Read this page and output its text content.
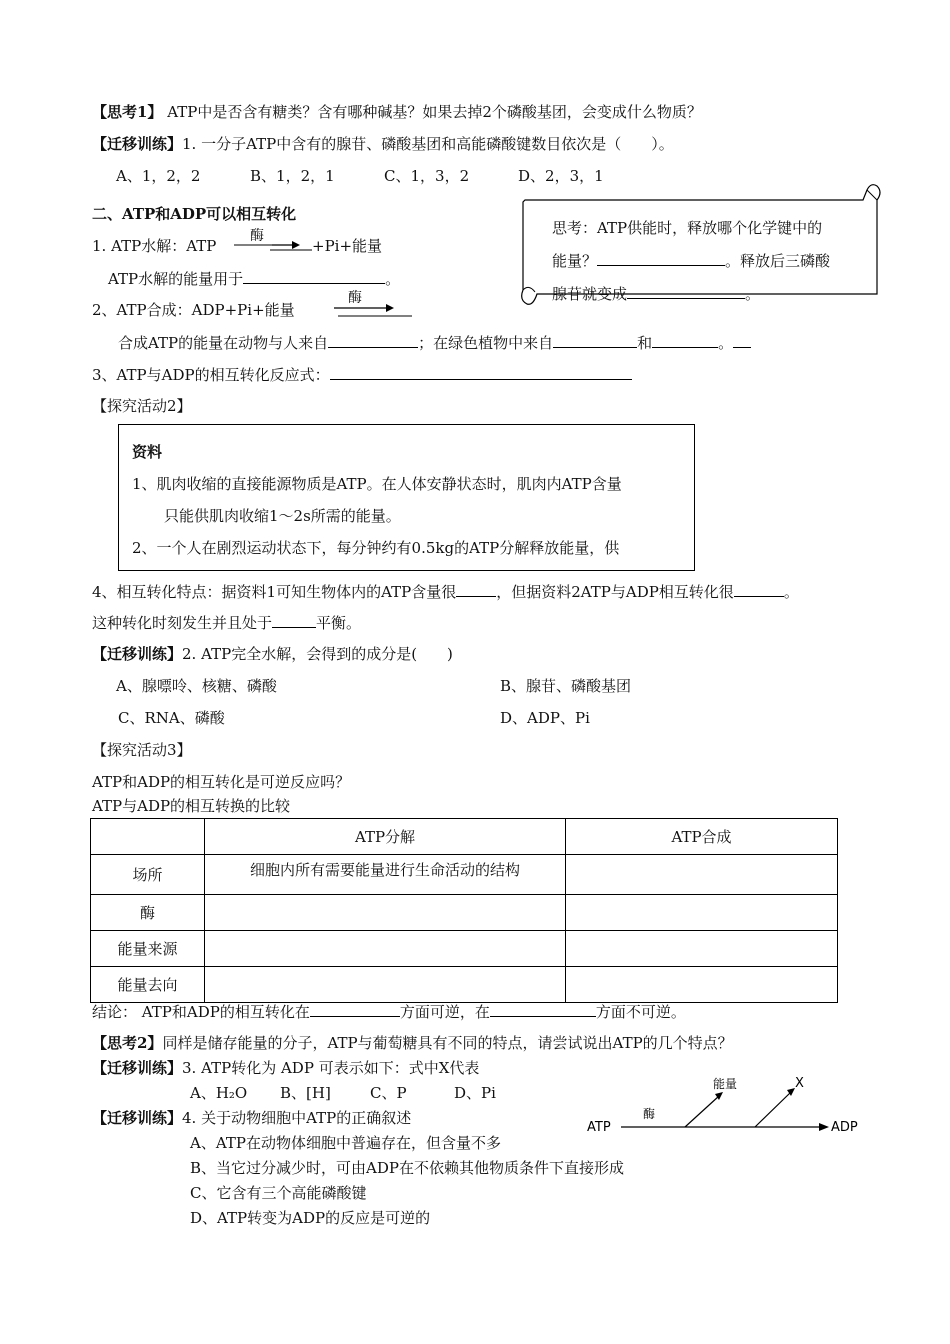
【思考1】 ATP中是否含有糖类？含有哪种碱基？如果去掉2个磷酸基团，会变成什么物质？
【迁移训练】1. 一分子ATP中含有的腺苷、磷酸基团和高能磷酸键数目依次是（　　）。
A、1，2，2	B、1，2，1	C、1，3，2	D、2，3，1
二、ATP和ADP可以相互转化
1. ATP水解：ATP
酶
+Pi+能量
ATP水解的能量用于	。
2、ATP合成：ADP+Pi+能量
酶
合成ATP的能量在动物与人来自	；在绿色植物中来自	和	。
3、ATP与ADP的相互转化反应式：
思考：ATP供能时，释放哪个化学键中的
能量？	。释放后三磷酸
腺苷就变成	。
【探究活动2】
资料
1、肌肉收缩的直接能源物质是ATP。在人体安静状态时，肌肉内ATP含量
只能供肌肉收缩1～2s所需的能量。
2、一个人在剧烈运动状态下，每分钟约有0.5kg的ATP分解释放能量，供
4、相互转化特点：据资料1可知生物体内的ATP含量很	，但据资料2ATP与ADP相互转化很	。
这种转化时刻发生并且处于	平衡。
【迁移训练】2. ATP完全水解，会得到的成分是(　　)
A、腺嘌呤、核糖、磷酸	B、腺苷、磷酸基团
C、RNA、磷酸	D、ADP、Pi
【探究活动3】
ATP和ADP的相互转化是可逆反应吗？
ATP与ADP的相互转换的比较
	ATP分解	ATP合成
场所	细胞内所有需要能量进行生命活动的结构	
酶		
能量来源		
能量去向		
结论： ATP和ADP的相互转化在	方面可逆，在	方面不可逆。
【思考2】同样是储存能量的分子，ATP与葡萄糖具有不同的特点，请尝试说出ATP的几个特点？
【迁移训练】3. ATP转化为 ADP 可表示如下：式中X代表
A、H₂O B、[H]	C、P	D、Pi
【迁移训练】4. 关于动物细胞中ATP的正确叙述
A、ATP在动物体细胞中普遍存在，但含量不多
B、当它过分减少时，可由ADP在不依赖其他物质条件下直接形成
C、它含有三个高能磷酸键
D、ATP转变为ADP的反应是可逆的
ATP	ADP
酶
能量	X
